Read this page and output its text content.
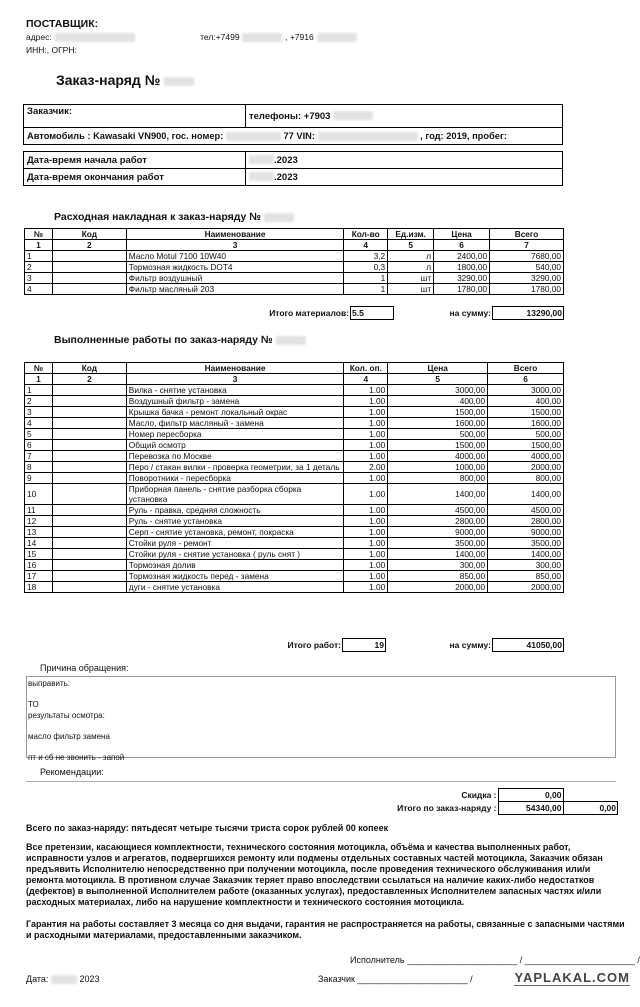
ПОСТАВЩИК:
адрес:	тел:+7499	, +7916
ИНН:, ОГРН:
Заказ-наряд №
Заказчик:	телефоны: +7903
Автомобиль : Kawasaki VN900, гос. номер:	77 VIN:	, год: 2019, пробег:
Дата-время начала работ	.2023
Дата-время окончания работ	.2023
Расходная накладная к заказ-наряду №
№	Код	Наименование	Кол-во	Ед.изм.	Цена	Всего
1	2	3	4	5	6	7
1		Масло Motul 7100 10W40	3,2	л	2400,00	7680,00
2		Тормозная жидкость DOT4	0,3	л	1800,00	540,00
3		Фильтр воздушный	1	шт	3290,00	3290,00
4		Фильтр масляный 203	1	шт	1780,00	1780,00
Итого материалов:	5.5	на сумму:	13290,00
Выполненные работы по заказ-наряду №
№	Код	Наименование	Кол. оп.	Цена	Всего
1	2	3	4	5	6
1		Вилка - снятие установка	1.00	3000,00	3000,00
2		Воздушный фильтр - замена	1.00	400,00	400,00
3		Крышка бачка - ремонт локальный окрас	1.00	1500,00	1500,00
4		Масло, фильтр масляный - замена	1.00	1600,00	1600,00
5		Номер пересборка	1.00	500,00	500,00
6		Общий осмотр	1.00	1500,00	1500,00
7		Перевозка по Москве	1.00	4000,00	4000,00
8		Перо / стакан вилки - проверка геометрии, за 1 деталь	2.00	1000,00	2000,00
9		Поворотники - пересборка	1.00	800,00	800,00
10		Приборная панель - снятие разборка сборка установка	1.00	1400,00	1400,00
11		Руль - правка, средняя сложность	1.00	4500,00	4500,00
12		Руль - снятие установка	1.00	2800,00	2800,00
13		Серп - снятие установка, ремонт, покраска	1.00	9000,00	9000,00
14		Стойки руля - ремонт	1.00	3500,00	3500,00
15		Стойки руля - снятие установка ( руль снят )	1.00	1400,00	1400,00
16		Тормозная долив	1.00	300,00	300,00
17		Тормозная жидкость перед - замена	1.00	850,00	850,00
18		дуги - снятие установка	1.00	2000,00	2000,00
Итого работ:	19	на сумму:	41050,00
Причина обращения:
выправить:

ТО
результаты осмотра:

масло фильтр замена

пт и сб не звонить - запой
Рекомендации:
Скидка :	0,00	
Итого по заказ-наряду :	54340,00	0,00
Всего по заказ-наряду: пятьдесят четыре тысячи триста сорок рублей 00 копеек
Все претензии, касающиеся комплектности, технического состояния мотоцикла, объёма и качества выполненных работ, исправности узлов и агрегатов, подвергшихся ремонту или подмены отдельных составных частей мотоцикла, Заказчик обязан предъявить Исполнителю непосредственно при получении мотоцикла, после проведения технического обслуживания или/и ремонта мотоцикла. В противном случае Заказчик теряет право впоследствии ссылаться на наличие каких-либо недостатков (дефектов) в выполненной Исполнителем работе (оказанных услугах), предоставленных Исполнителем запасных частях и/или расходных материалах, либо на нарушение комплектности и технического состояния мотоцикла.
Гарантия на работы составляет 3 месяца со дня выдачи, гарантия не распространяется на работы, связанные с запасными частями и расходными материалами, предоставленными заказчиком.
Исполнитель ______________________ / ______________________ /
Заказчик ______________________ /
Дата:	2023	YAPLAKAL.COM
